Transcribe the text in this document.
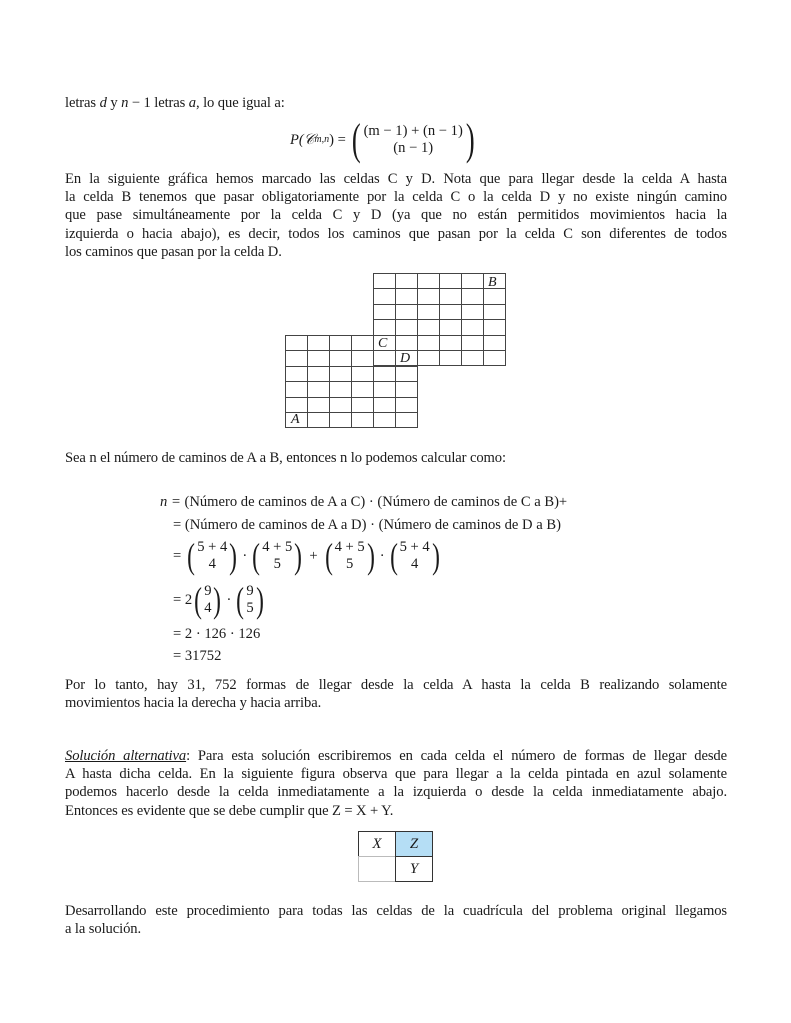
letras d y n − 1 letras a, lo que igual a:
P(𝒞 m,n ) = ( (m − 1) + (n − 1)
(n − 1) )
En la siguiente gráfica hemos marcado las celdas C y D. Nota que para llegar desde la celda A hasta
la celda B tenemos que pasar obligatoriamente por la celda C o la celda D y no existe ningún camino
que pase simultáneamente por la celda C y D (ya que no están permitidos movimientos hacia la
izquierda o hacia abajo), es decir, todos los caminos que pasan por la celda C son diferentes de todos
los caminos que pasan por la celda D.
B
C
D
A
Sea n el número de caminos de A a B, entonces n lo podemos calcular como:
n = (Número de caminos de A a C) · (Número de caminos de C a B)+
= (Número de caminos de A a D) · (Número de caminos de D a B)
= ( 5 + 4
4 ) · ( 4 + 5
5 ) + ( 4 + 5
5 ) · ( 5 + 4
4 )
= 2 ( 9
4 ) · ( 9
5 )
= 2 · 126 · 126
= 31752
Por lo tanto, hay 31, 752 formas de llegar desde la celda A hasta la celda B realizando solamente
movimientos hacia la derecha y hacia arriba.
Solución alternativa: Para esta solución escribiremos en cada celda el número de formas de llegar desde
A hasta dicha celda. En la siguiente figura observa que para llegar a la celda pintada en azul solamente
podemos hacerlo desde la celda inmediatamente a la izquierda o desde la celda inmediatamente abajo.
Entonces es evidente que se debe cumplir que Z = X + Y.
X Z
Y
Desarrollando este procedimiento para todas las celdas de la cuadrícula del problema original llegamos
a la solución.
